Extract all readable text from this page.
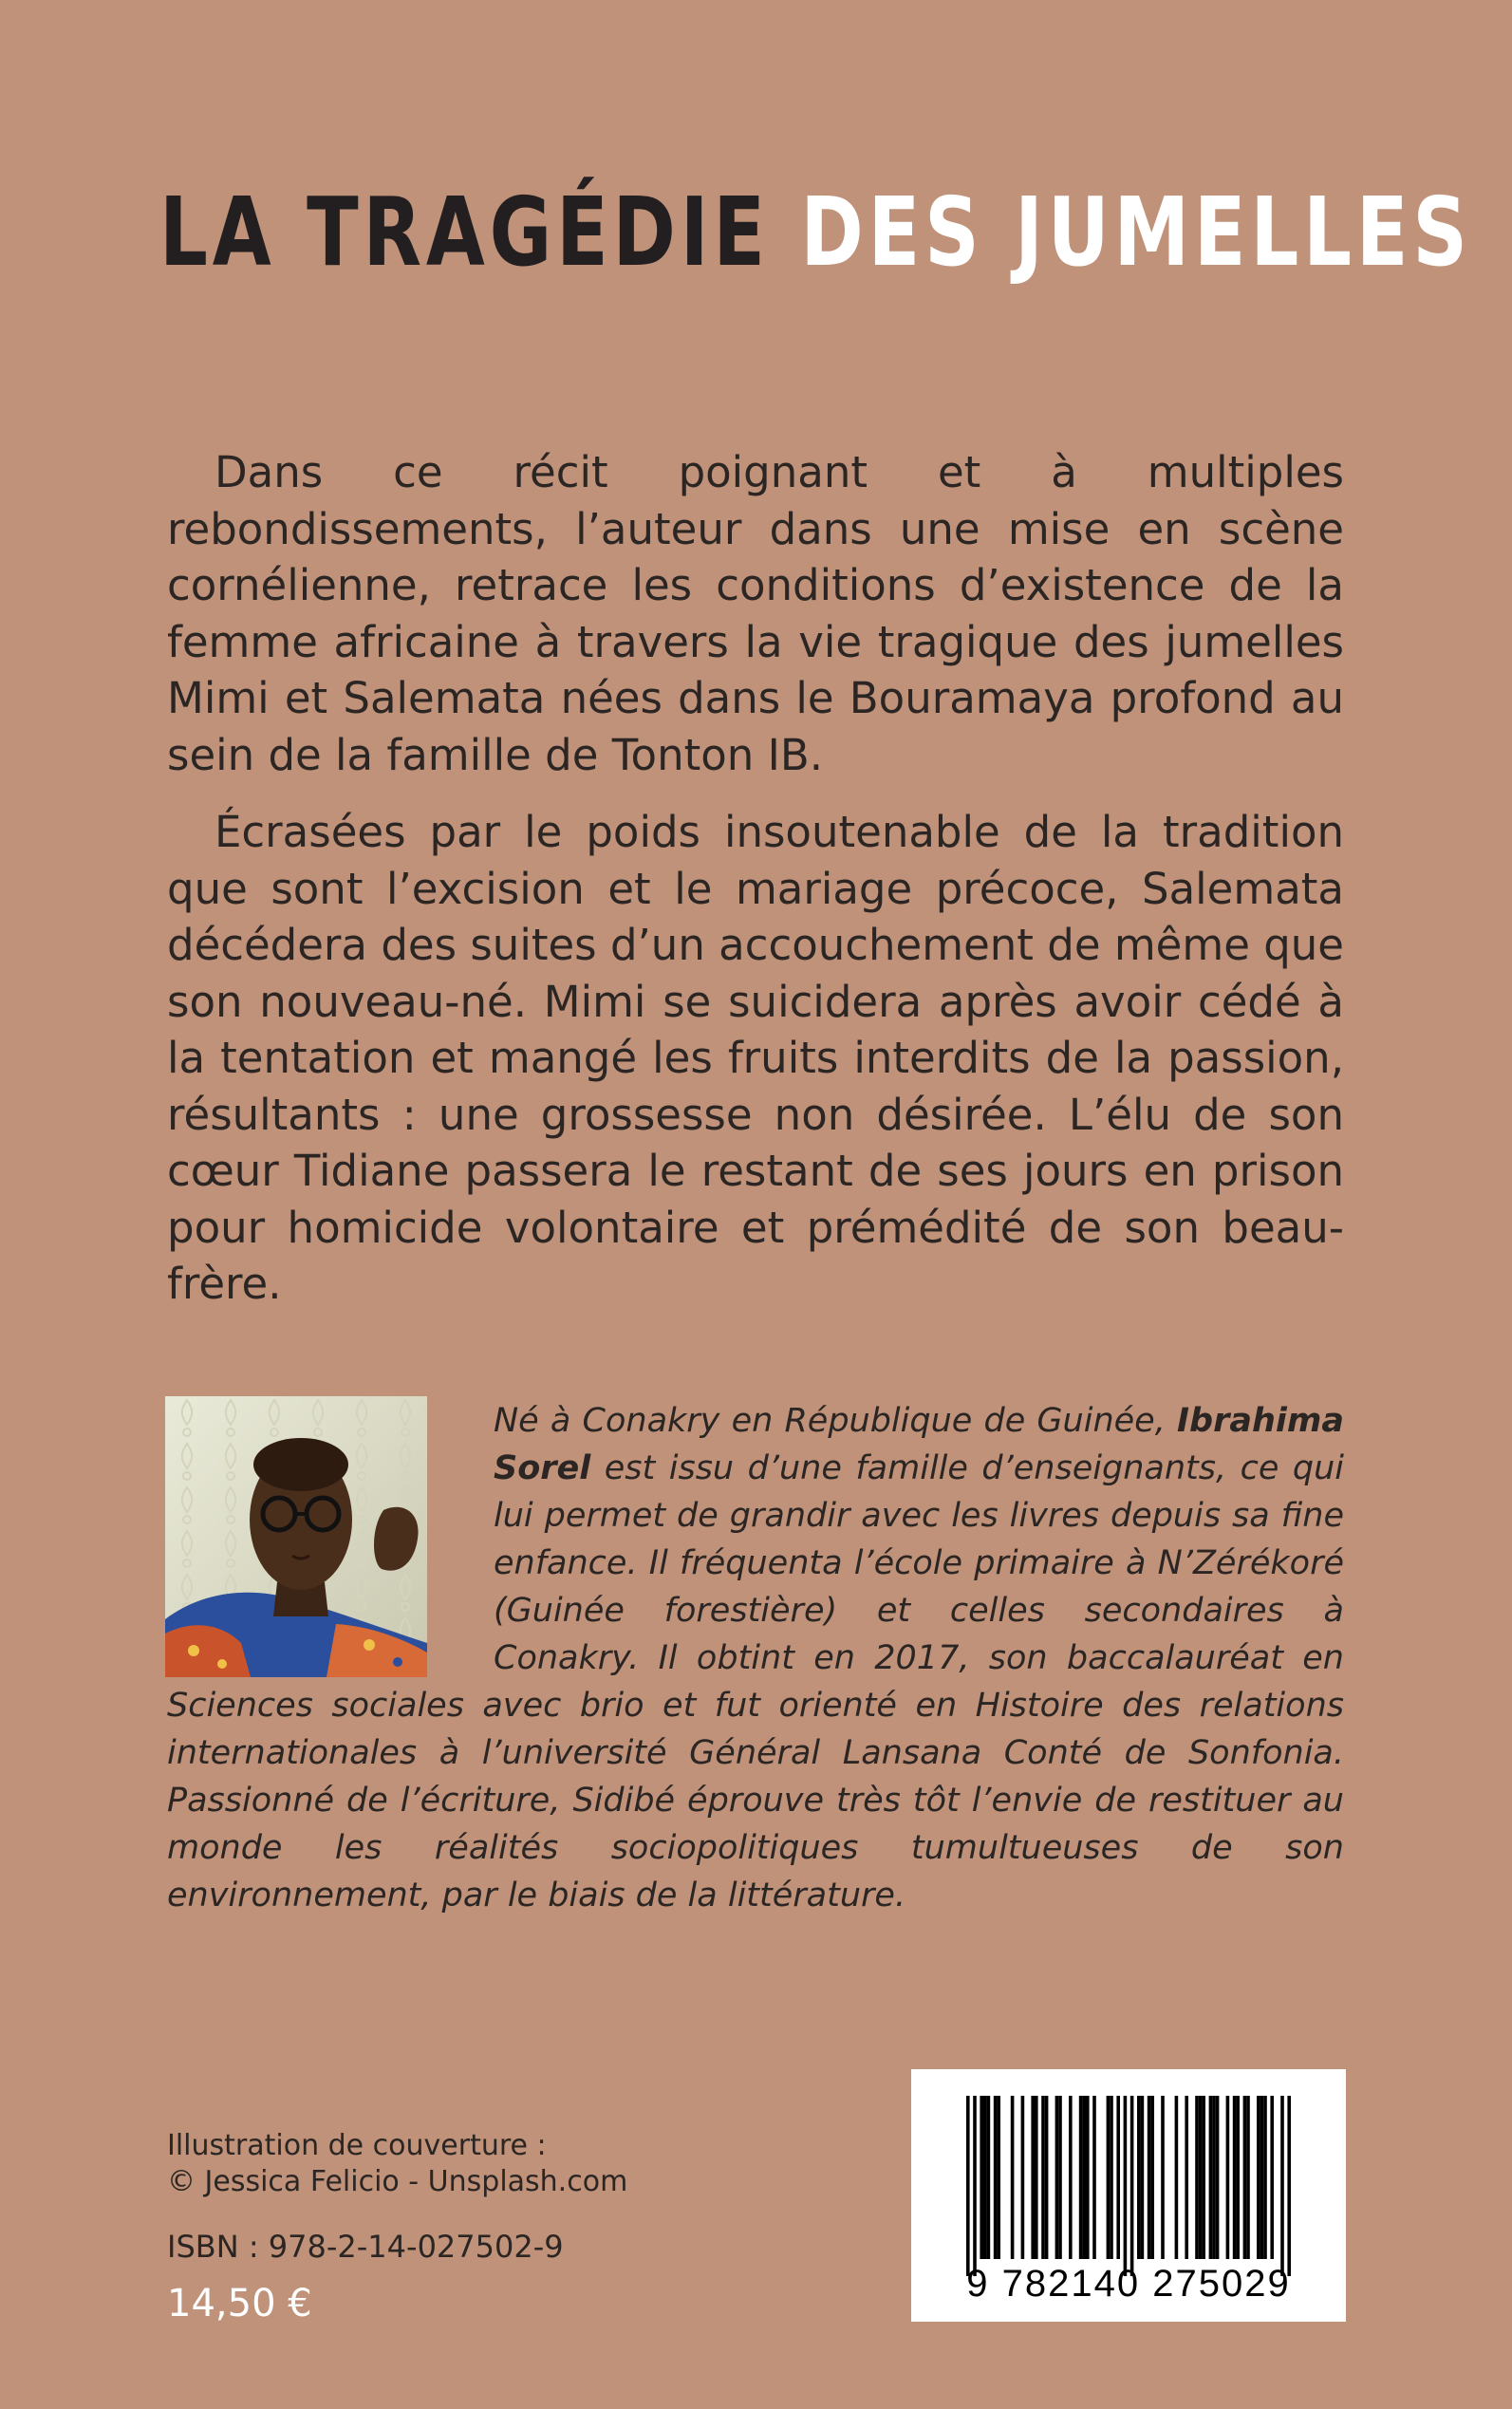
LA TRAGÉDIE DES JUMELLES

Dans ce récit poignant et à multiples rebondissements, l’auteur dans une mise en scène cornélienne, retrace les conditions d’existence de la femme africaine à travers la vie tragique des jumelles Mimi et Salemata nées dans le Bouramaya profond au sein de la famille de Tonton IB.

Écrasées par le poids insoutenable de la tradition que sont l’excision et le mariage précoce, Salemata décédera des suites d’un accouchement de même que son nouveau-né. Mimi se suicidera après avoir cédé à la tentation et mangé les fruits interdits de la passion, résultants : une grossesse non désirée. L’élu de son cœur Tidiane passera le restant de ses jours en prison pour homicide volontaire et prémédité de son beau-frère.

Né à Conakry en République de Guinée, Ibrahima Sorel est issu d’une famille d’enseignants, ce qui lui permet de grandir avec les livres depuis sa fine enfance. Il fréquenta l’école primaire à N’Zérékoré (Guinée forestière) et celles secondaires à Conakry. Il obtint en 2017, son baccalauréat en Sciences sociales avec brio et fut orienté en Histoire des relations internationales à l’université Général Lansana Conté de Sonfonia. Passionné de l’écriture, Sidibé éprouve très tôt l’envie de restituer au monde les réalités sociopolitiques tumultueuses de son environnement, par le biais de la littérature.
Illustration de couverture :
© Jessica Felicio - Unsplash.com
ISBN : 978-2-14-027502-9
14,50 €	9 782140 275029
